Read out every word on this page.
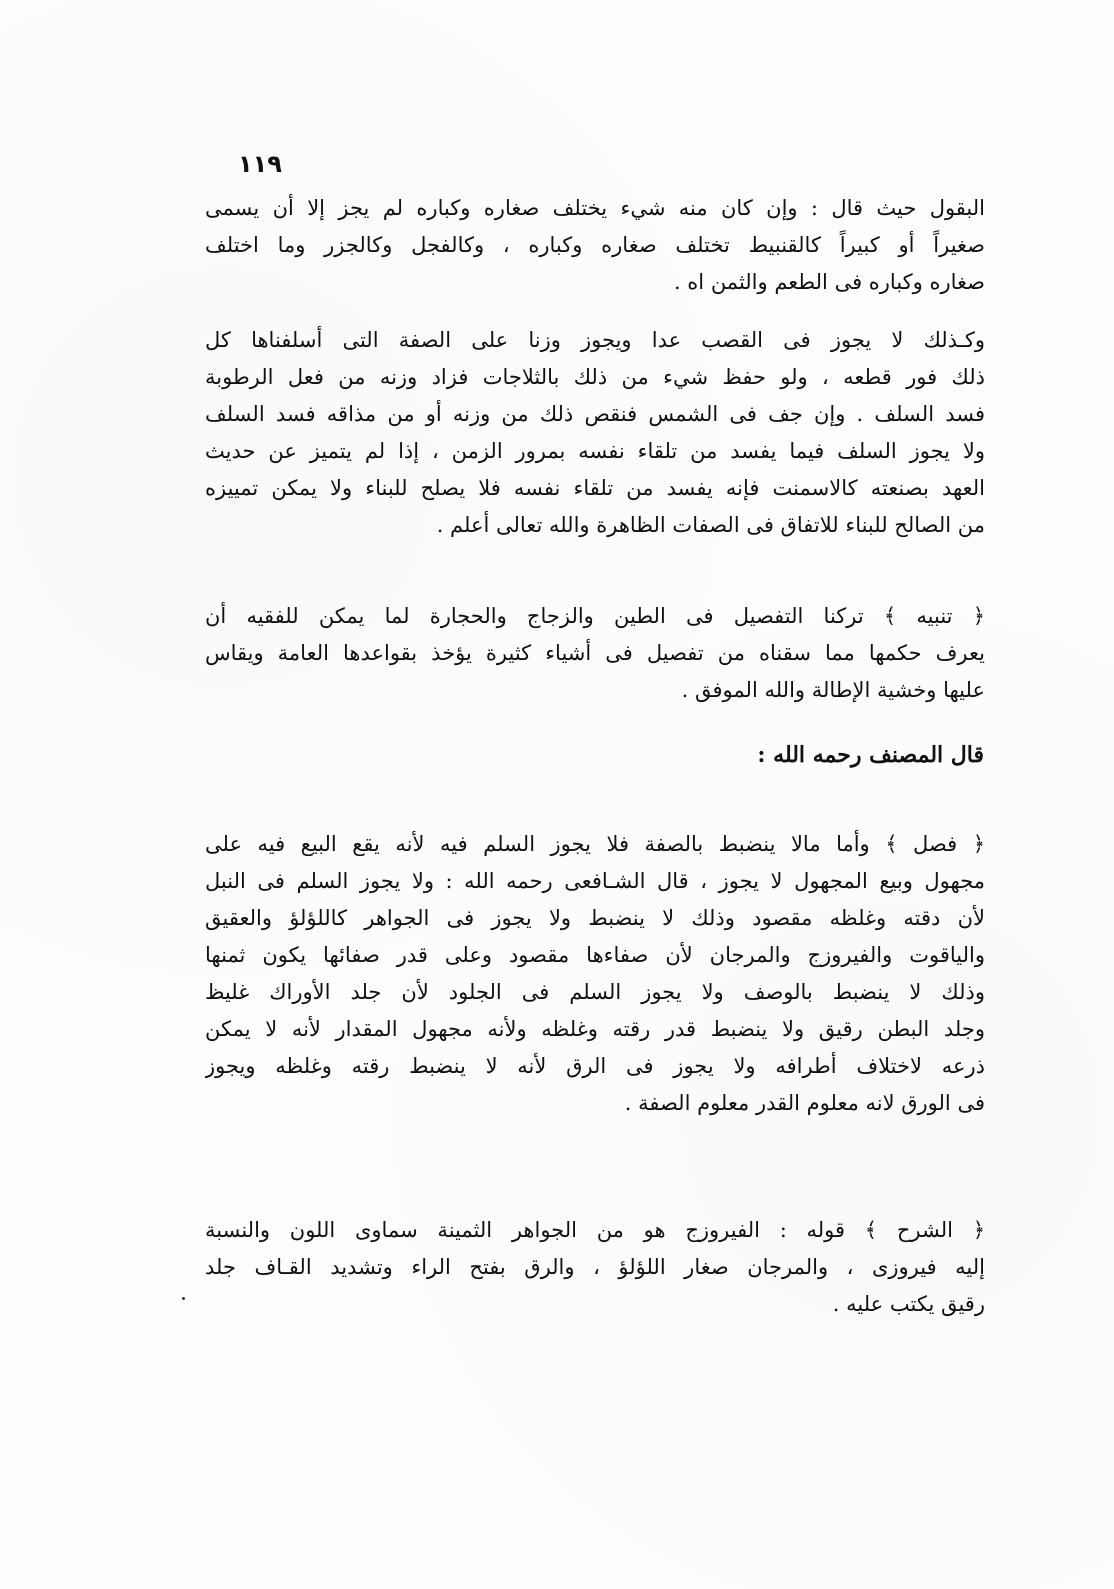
١١٩
البقول حيث قال : وإن كان منه شيء يختلف صغاره وكباره لم يجز إلا أن يسمى
صغيراً أو كبيراً كالقنبيط تختلف صغاره وكباره ، وكالفجل وكالجزر وما اختلف
صغاره وكباره فى الطعم والثمن اه .
وكـذلك لا يجوز فى القصب عدا ويجوز وزنا على الصفة التى أسلفناها كل
ذلك فور قطعه ، ولو حفظ شيء من ذلك بالثلاجات فزاد وزنه من فعل الرطوبة
فسد السلف . وإن جف فى الشمس فنقص ذلك من وزنه أو من مذاقه فسد السلف
ولا يجوز السلف فيما يفسد من تلقاء نفسه بمرور الزمن ، إذا لم يتميز عن حديث
العهد بصنعته كالاسمنت فإنه يفسد من تلقاء نفسه فلا يصلح للبناء ولا يمكن تمييزه
من الصالح للبناء للاتفاق فى الصفات الظاهرة والله تعالى أعلم .
﴿ تنبيه ﴾ تركنا التفصيل فى الطين والزجاج والحجارة لما يمكن للفقيه أن
يعرف حكمها مما سقناه من تفصيل فى أشياء كثيرة يؤخذ بقواعدها العامة ويقاس
عليها وخشية الإطالة والله الموفق .
قال المصنف رحمه الله :
﴿ فصل ﴾ وأما مالا ينضبط بالصفة فلا يجوز السلم فيه لأنه يقع البيع فيه على
مجهول وبيع المجهول لا يجوز ، قال الشـافعى رحمه الله : ولا يجوز السلم فى النبل
لأن دقته وغلظه مقصود وذلك لا ينضبط ولا يجوز فى الجواهر كاللؤلؤ والعقيق
والياقوت والفيروزج والمرجان لأن صفاءها مقصود وعلى قدر صفائها يكون ثمنها
وذلك لا ينضبط بالوصف ولا يجوز السلم فى الجلود لأن جلد الأوراك غليظ
وجلد البطن رقيق ولا ينضبط قدر رقته وغلظه ولأنه مجهول المقدار لأنه لا يمكن
ذرعه لاختلاف أطرافه ولا يجوز فى الرق لأنه لا ينضبط رقته وغلظه ويجوز
فى الورق لانه معلوم القدر معلوم الصفة .
﴿ الشرح ﴾ قوله : الفيروزج هو من الجواهر الثمينة سماوى اللون والنسبة
إليه فيروزى ، والمرجان صغار اللؤلؤ ، والرق بفتح الراء وتشديد القـاف جلد
رقيق يكتب عليه .
